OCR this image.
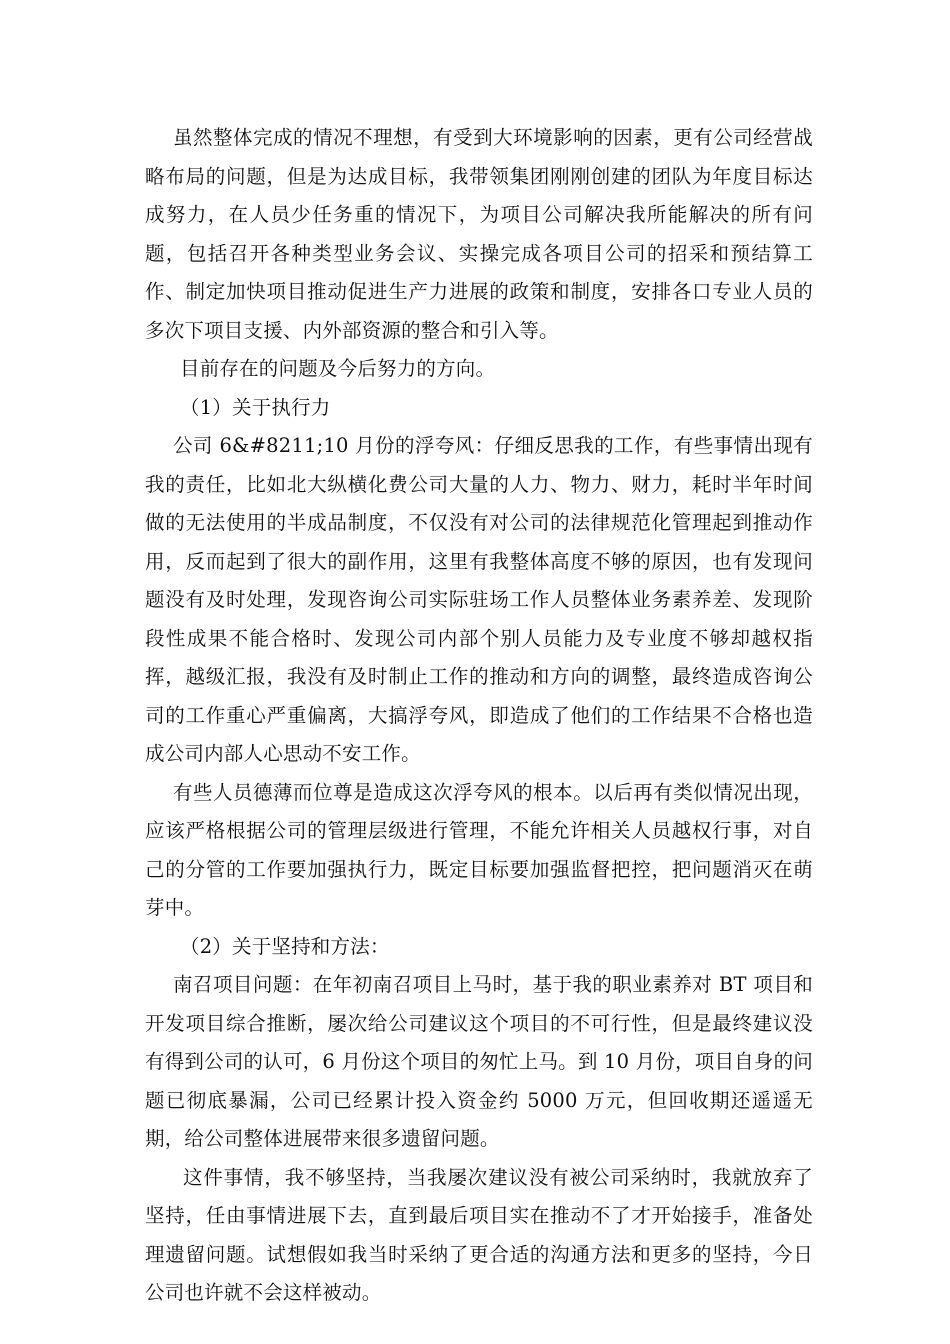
虽然整体完成的情况不理想，有受到大环境影响的因素，更有公司经营战略布局的问题，但是为达成目标，我带领集团刚刚创建的团队为年度目标达成努力，在人员少任务重的情况下，为项目公司解决我所能解决的所有问题，包括召开各种类型业务会议、实操完成各项目公司的招采和预结算工作、制定加快项目推动促进生产力进展的政策和制度，安排各口专业人员的多次下项目支援、内外部资源的整合和引入等。

目前存在的问题及今后努力的方向。

（1）关于执行力

公司 6&#8211;10 月份的浮夸风：仔细反思我的工作，有些事情出现有我的责任，比如北大纵横化费公司大量的人力、物力、财力，耗时半年时间做的无法使用的半成品制度，不仅没有对公司的法律规范化管理起到推动作用，反而起到了很大的副作用，这里有我整体高度不够的原因，也有发现问题没有及时处理，发现咨询公司实际驻场工作人员整体业务素养差、发现阶段性成果不能合格时、发现公司内部个别人员能力及专业度不够却越权指挥，越级汇报，我没有及时制止工作的推动和方向的调整，最终造成咨询公司的工作重心严重偏离，大搞浮夸风，即造成了他们的工作结果不合格也造成公司内部人心思动不安工作。

有些人员德薄而位尊是造成这次浮夸风的根本。以后再有类似情况出现，应该严格根据公司的管理层级进行管理，不能允许相关人员越权行事，对自己的分管的工作要加强执行力，既定目标要加强监督把控，把问题消灭在萌芽中。

（2）关于坚持和方法：

南召项目问题：在年初南召项目上马时，基于我的职业素养对 BT 项目和开发项目综合推断，屡次给公司建议这个项目的不可行性，但是最终建议没有得到公司的认可，6 月份这个项目的匆忙上马。到 10 月份，项目自身的问题已彻底暴漏，公司已经累计投入资金约 5000 万元，但回收期还遥遥无期，给公司整体进展带来很多遗留问题。

这件事情，我不够坚持，当我屡次建议没有被公司采纳时，我就放弃了坚持，任由事情进展下去，直到最后项目实在推动不了才开始接手，准备处理遗留问题。试想假如我当时采纳了更合适的沟通方法和更多的坚持，今日公司也许就不会这样被动。
